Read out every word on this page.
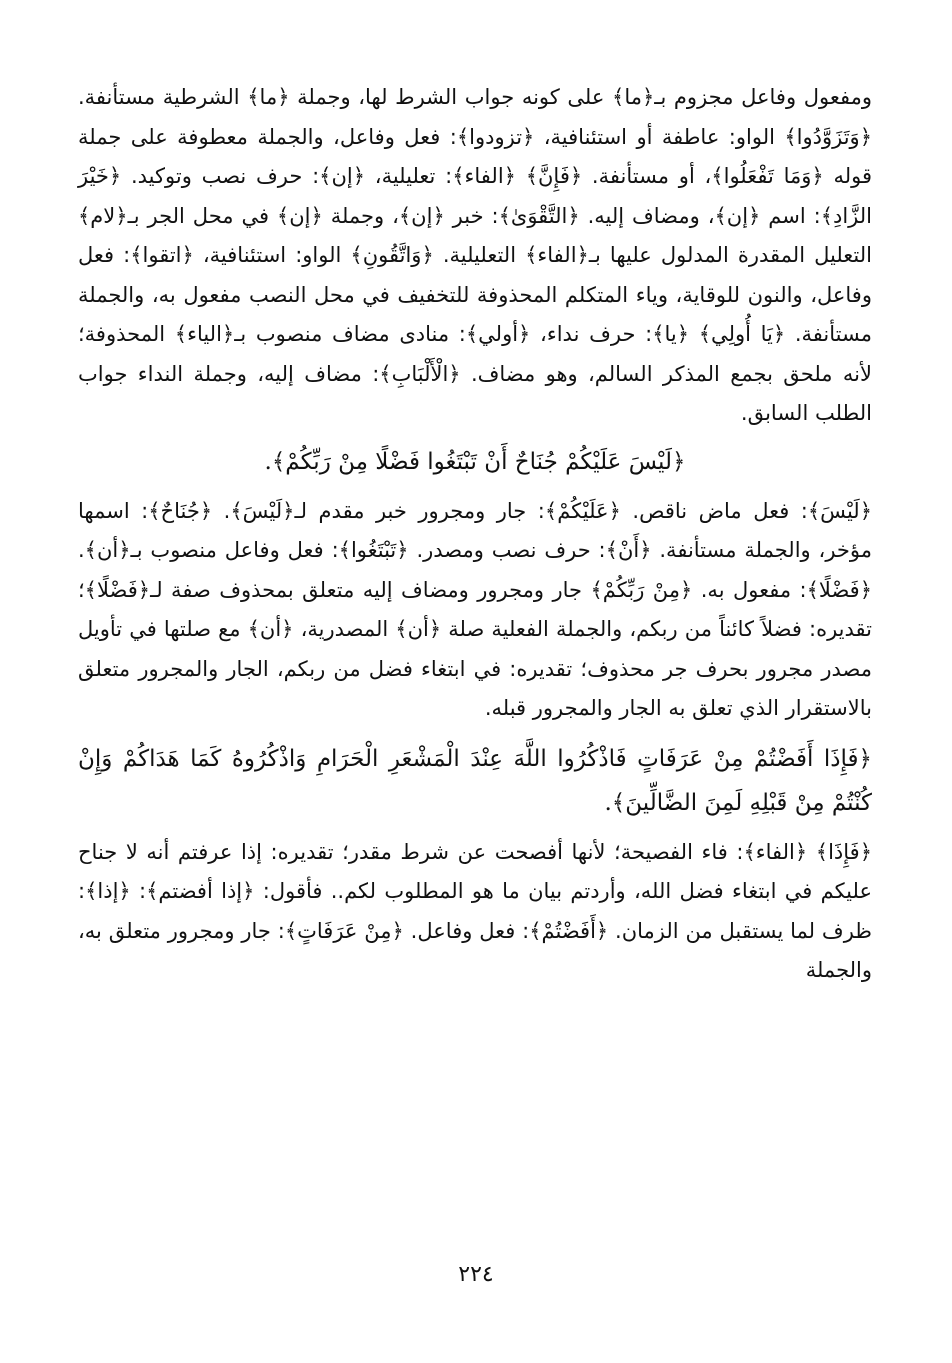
ومفعول وفاعل مجزوم بـ﴿ما﴾ على كونه جواب الشرط لها، وجملة ﴿ما﴾ الشرطية مستأنفة. ﴿وَتَزَوَّدُوا﴾ الواو: عاطفة أو استئنافية، ﴿تزودوا﴾: فعل وفاعل، والجملة معطوفة على جملة قوله ﴿وَمَا تَفْعَلُوا﴾، أو مستأنفة. ﴿فَإِنَّ﴾ ﴿الفاء﴾: تعليلية، ﴿إن﴾: حرف نصب وتوكيد. ﴿خَيْرَ الزَّادِ﴾: اسم ﴿إن﴾، ومضاف إليه. ﴿التَّقْوَىٰ﴾: خبر ﴿إن﴾، وجملة ﴿إن﴾ في محل الجر بـ﴿لام﴾ التعليل المقدرة المدلول عليها بـ﴿الفاء﴾ التعليلية. ﴿وَاتَّقُونِ﴾ الواو: استئنافية، ﴿اتقوا﴾: فعل وفاعل، والنون للوقاية، وياء المتكلم المحذوفة للتخفيف في محل النصب مفعول به، والجملة مستأنفة. ﴿يَا أُولِي﴾ ﴿يا﴾: حرف نداء، ﴿أولي﴾: منادى مضاف منصوب بـ﴿الياء﴾ المحذوفة؛ لأنه ملحق بجمع المذكر السالم، وهو مضاف. ﴿الْأَلْبَابِ﴾: مضاف إليه، وجملة النداء جواب الطلب السابق.

﴿لَيْسَ عَلَيْكُمْ جُنَاحٌ أَنْ تَبْتَغُوا فَضْلًا مِنْ رَبِّكُمْ﴾.

﴿لَيْسَ﴾: فعل ماض ناقص. ﴿عَلَيْكُمْ﴾: جار ومجرور خبر مقدم لـ﴿لَيْسَ﴾. ﴿جُنَاحٌ﴾: اسمها مؤخر، والجملة مستأنفة. ﴿أَنْ﴾: حرف نصب ومصدر. ﴿تَبْتَغُوا﴾: فعل وفاعل منصوب بـ﴿أن﴾. ﴿فَضْلًا﴾: مفعول به. ﴿مِنْ رَبِّكُمْ﴾ جار ومجرور ومضاف إليه متعلق بمحذوف صفة لـ﴿فَضْلًا﴾؛ تقديره: فضلاً كائناً من ربكم، والجملة الفعلية صلة ﴿أن﴾ المصدرية، ﴿أن﴾ مع صلتها في تأويل مصدر مجرور بحرف جر محذوف؛ تقديره: في ابتغاء فضل من ربكم، الجار والمجرور متعلق بالاستقرار الذي تعلق به الجار والمجرور قبله.

﴿فَإِذَا أَفَضْتُمْ مِنْ عَرَفَاتٍ فَاذْكُرُوا اللَّهَ عِنْدَ الْمَشْعَرِ الْحَرَامِ وَاذْكُرُوهُ كَمَا هَدَاكُمْ وَإِنْ كُنْتُمْ مِنْ قَبْلِهِ لَمِنَ الضَّالِّينَ﴾.

﴿فَإِذَا﴾ ﴿الفاء﴾: فاء الفصيحة؛ لأنها أفصحت عن شرط مقدر؛ تقديره: إذا عرفتم أنه لا جناح عليكم في ابتغاء فضل الله، وأردتم بيان ما هو المطلوب لكم.. فأقول: ﴿إذا أفضتم﴾: ﴿إذا﴾: ظرف لما يستقبل من الزمان. ﴿أَفَضْتُمْ﴾: فعل وفاعل. ﴿مِنْ عَرَفَاتٍ﴾: جار ومجرور متعلق به، والجملة

٢٢٤
